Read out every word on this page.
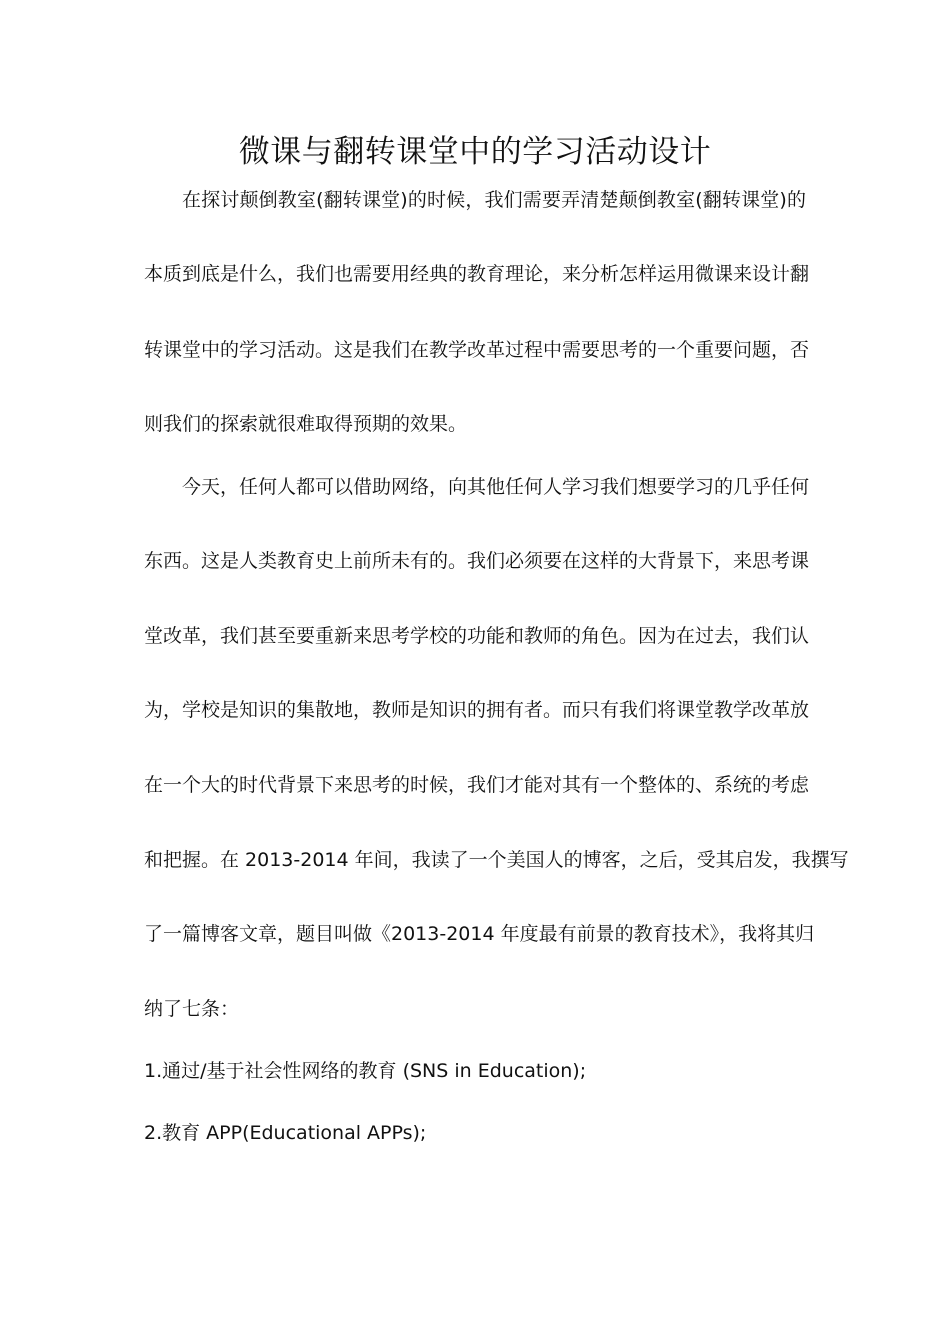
微课与翻转课堂中的学习活动设计
在探讨颠倒教室(翻转课堂)的时候，我们需要弄清楚颠倒教室(翻转课堂)的
本质到底是什么，我们也需要用经典的教育理论，来分析怎样运用微课来设计翻
转课堂中的学习活动。这是我们在教学改革过程中需要思考的一个重要问题，否
则我们的探索就很难取得预期的效果。
今天，任何人都可以借助网络，向其他任何人学习我们想要学习的几乎任何
东西。这是人类教育史上前所未有的。我们必须要在这样的大背景下，来思考课
堂改革，我们甚至要重新来思考学校的功能和教师的角色。因为在过去，我们认
为，学校是知识的集散地，教师是知识的拥有者。而只有我们将课堂教学改革放
在一个大的时代背景下来思考的时候，我们才能对其有一个整体的、系统的考虑
和把握。在 2013-2014 年间，我读了一个美国人的博客，之后，受其启发，我撰写
了一篇博客文章，题目叫做《2013-2014 年度最有前景的教育技术》，我将其归
纳了七条：
1.通过/基于社会性网络的教育 (SNS in Education);
2.教育 APP(Educational APPs);
